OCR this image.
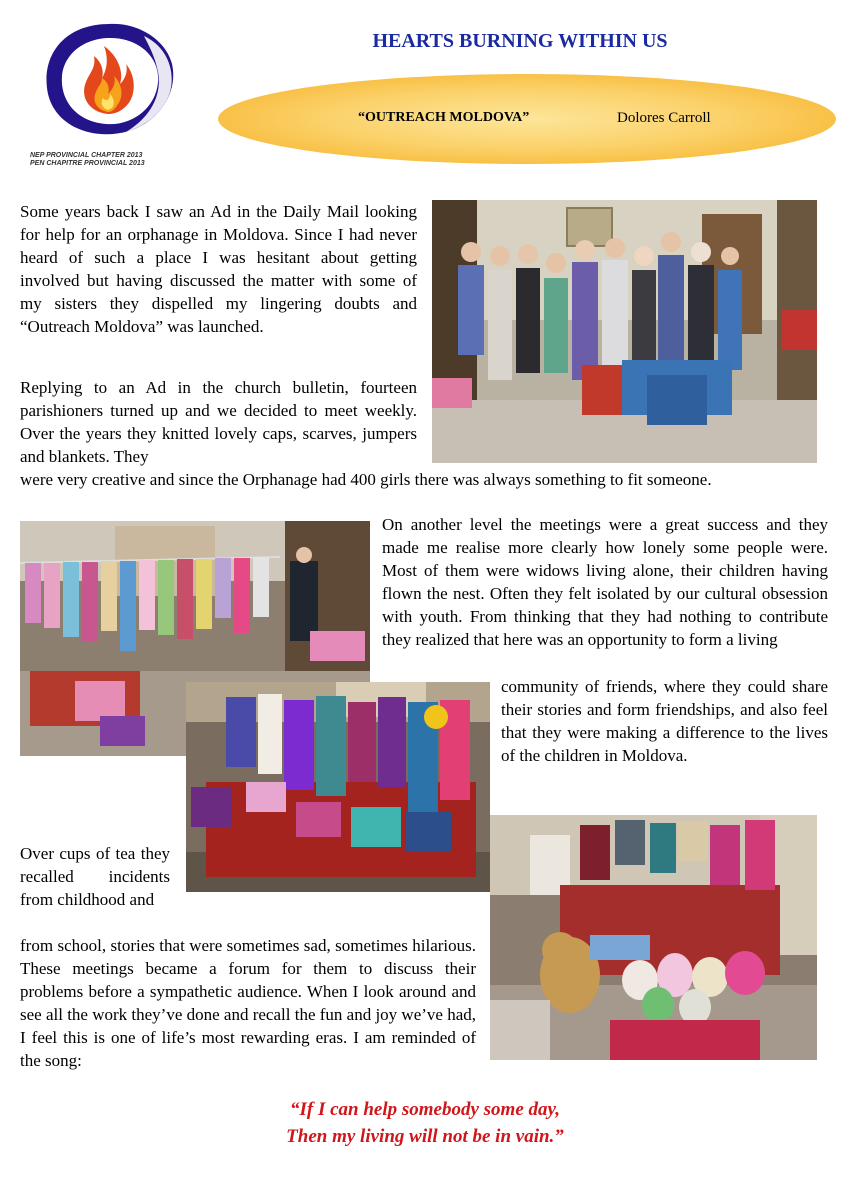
NEP PROVINCIAL CHAPTER 2013
PEN CHAPITRE PROVINCIAL 2013
HEARTS BURNING WITHIN US
“OUTREACH MOLDOVA”	Dolores Carroll

Some years back I saw an Ad in the Daily Mail looking for help for an orphanage in Moldova. Since I had never heard of such a place I was hesitant about getting involved but having discussed the matter with some of my sisters they dispelled my lingering doubts and “Outreach Moldova” was launched.

Replying to an Ad in the church bulletin, fourteen parishioners turned up and we decided to meet weekly. Over the years they knitted lovely caps, scarves, jumpers and blankets. They

were very creative and since the Orphanage had 400 girls there was always something to fit someone.

On another level the meetings were a great success and they made me realise more clearly how lonely some people were. Most of them were widows living alone, their children having flown the nest. Often they felt isolated by our cultural obsession with youth. From thinking that they had nothing to contribute they realized that here was an opportunity to form a living

community of friends, where they could share their stories and form friendships, and also feel that they were making a difference to the lives of the children in Moldova.

Over cups of tea they recalled incidents from childhood and

from school, stories that were sometimes sad, sometimes hilarious. These meetings became a forum for them to discuss their problems before a sympathetic audience. When I look around and see all the work they’ve done and recall the fun and joy we’ve had, I feel this is one of life’s most rewarding eras. I am reminded of the song:

“If I can help somebody some day,
Then my living will not be in vain.”
